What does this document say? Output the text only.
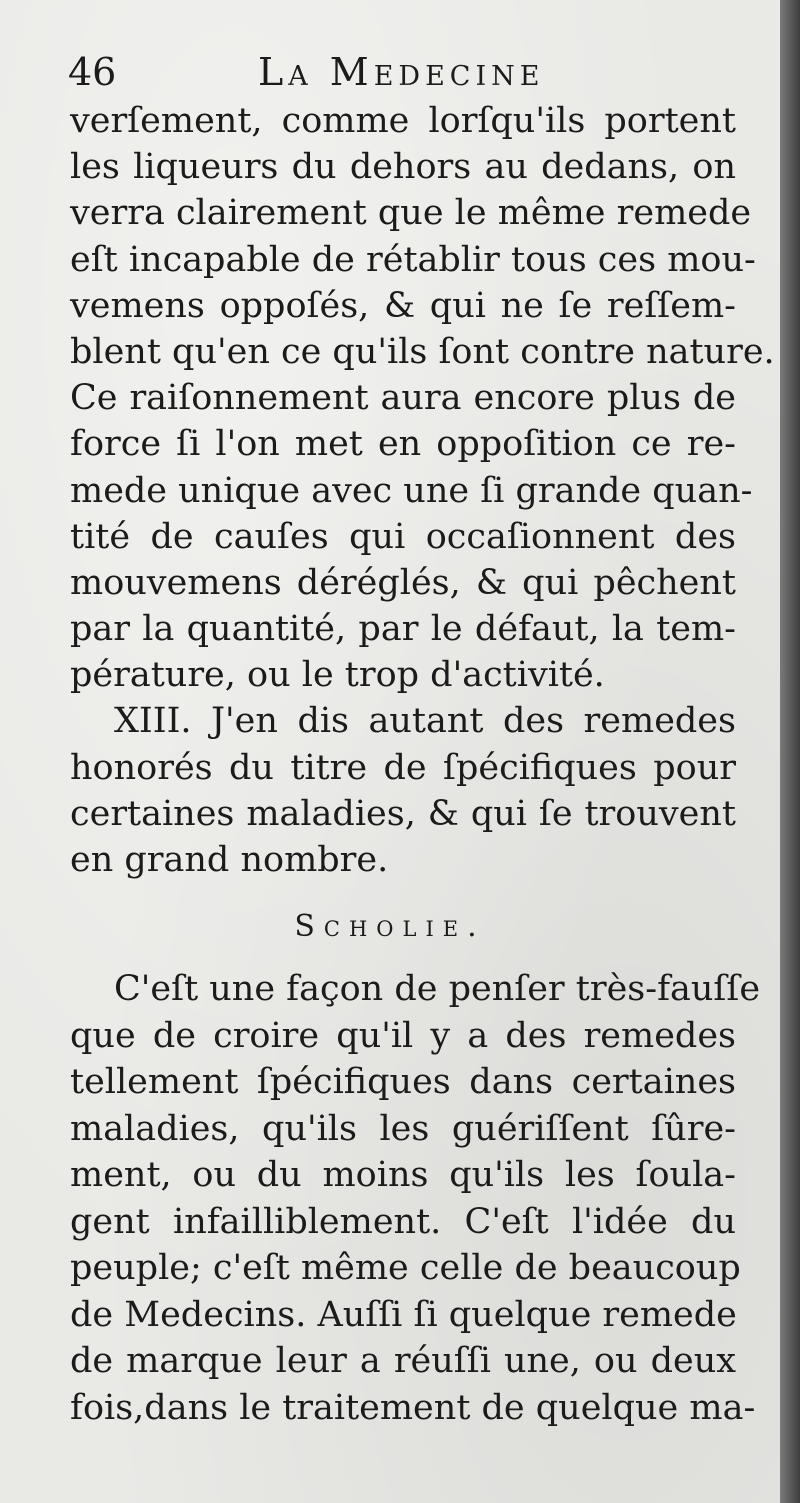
46	La Medecine
verſement, comme lorſqu'ils portent
les liqueurs du dehors au dedans, on
verra clairement que le même remede
eſt incapable de rétablir tous ces mou-
vemens oppoſés, & qui ne ſe reſſem-
blent qu'en ce qu'ils ſont contre nature.
Ce raiſonnement aura encore plus de
force ſi l'on met en oppoſition ce re-
mede unique avec une ſi grande quan-
tité de cauſes qui occaſionnent des
mouvemens déréglés, & qui pêchent
par la quantité, par le défaut, la tem-
pérature, ou le trop d'activité.
XIII. J'en dis autant des remedes
honorés du titre de ſpécifiques pour
certaines maladies, & qui ſe trouvent
en grand nombre.
Scholie.
C'eſt une façon de penſer très-fauſſe
que de croire qu'il y a des remedes
tellement ſpécifiques dans certaines
maladies, qu'ils les guériſſent ſûre-
ment, ou du moins qu'ils les ſoula-
gent infailliblement. C'eſt l'idée du
peuple; c'eſt même celle de beaucoup
de Medecins. Auſſi ſi quelque remede
de marque leur a réuſſi une, ou deux
fois,dans le traitement de quelque ma-
